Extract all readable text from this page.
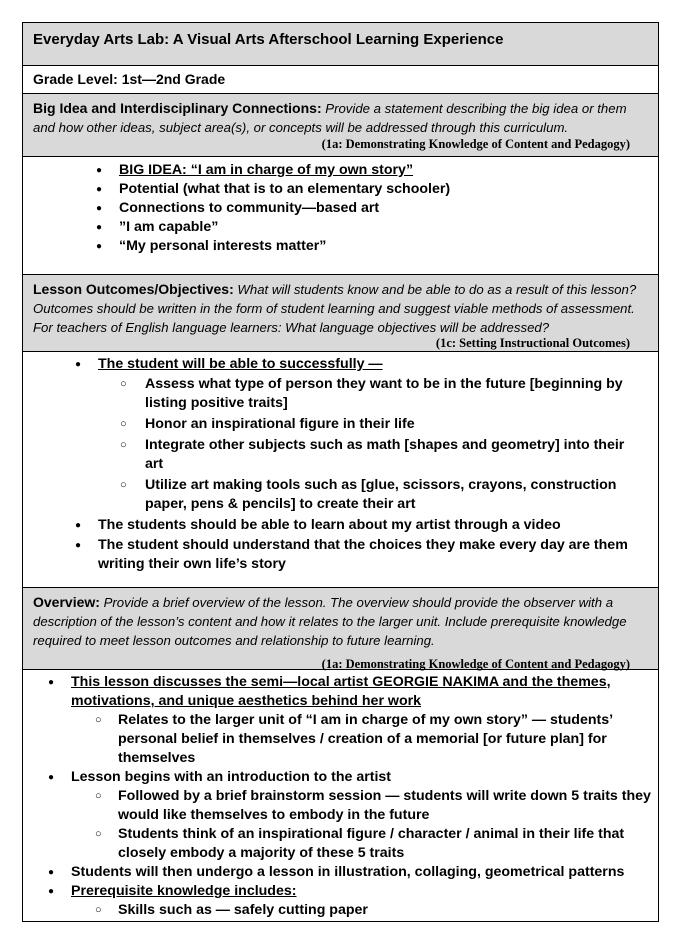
Everyday Arts Lab: A Visual Arts Afterschool Learning Experience
Grade Level: 1st—2nd Grade
Big Idea and Interdisciplinary Connections: Provide a statement describing the big idea or them and how other ideas, subject area(s), or concepts will be addressed through this curriculum.
(1a: Demonstrating Knowledge of Content and Pedagogy)
● BIG IDEA: “I am in charge of my own story”
● Potential (what that is to an elementary schooler)
● Connections to community—based art
● ”I am capable”
● “My personal interests matter”
Lesson Outcomes/Objectives: What will students know and be able to do as a result of this lesson? Outcomes should be written in the form of student learning and suggest viable methods of assessment. For teachers of English language learners: What language objectives will be addressed?
(1c: Setting Instructional Outcomes)
● The student will be able to successfully —
○ Assess what type of person they want to be in the future [beginning by listing positive traits]
○ Honor an inspirational figure in their life
○ Integrate other subjects such as math [shapes and geometry] into their art
○ Utilize art making tools such as [glue, scissors, crayons, construction paper, pens & pencils] to create their art
● The students should be able to learn about my artist through a video
● The student should understand that the choices they make every day are them writing their own life’s story
Overview: Provide a brief overview of the lesson. The overview should provide the observer with a description of the lesson’s content and how it relates to the larger unit. Include prerequisite knowledge required to meet lesson outcomes and relationship to future learning.
(1a: Demonstrating Knowledge of Content and Pedagogy)
● This lesson discusses the semi—local artist GEORGIE NAKIMA and the themes, motivations, and unique aesthetics behind her work
○ Relates to the larger unit of “I am in charge of my own story” — students’ personal belief in themselves / creation of a memorial [or future plan] for themselves
● Lesson begins with an introduction to the artist
○ Followed by a brief brainstorm session — students will write down 5 traits they would like themselves to embody in the future
○ Students think of an inspirational figure / character / animal in their life that closely embody a majority of these 5 traits
● Students will then undergo a lesson in illustration, collaging, geometrical patterns
● Prerequisite knowledge includes:
○ Skills such as — safely cutting paper
